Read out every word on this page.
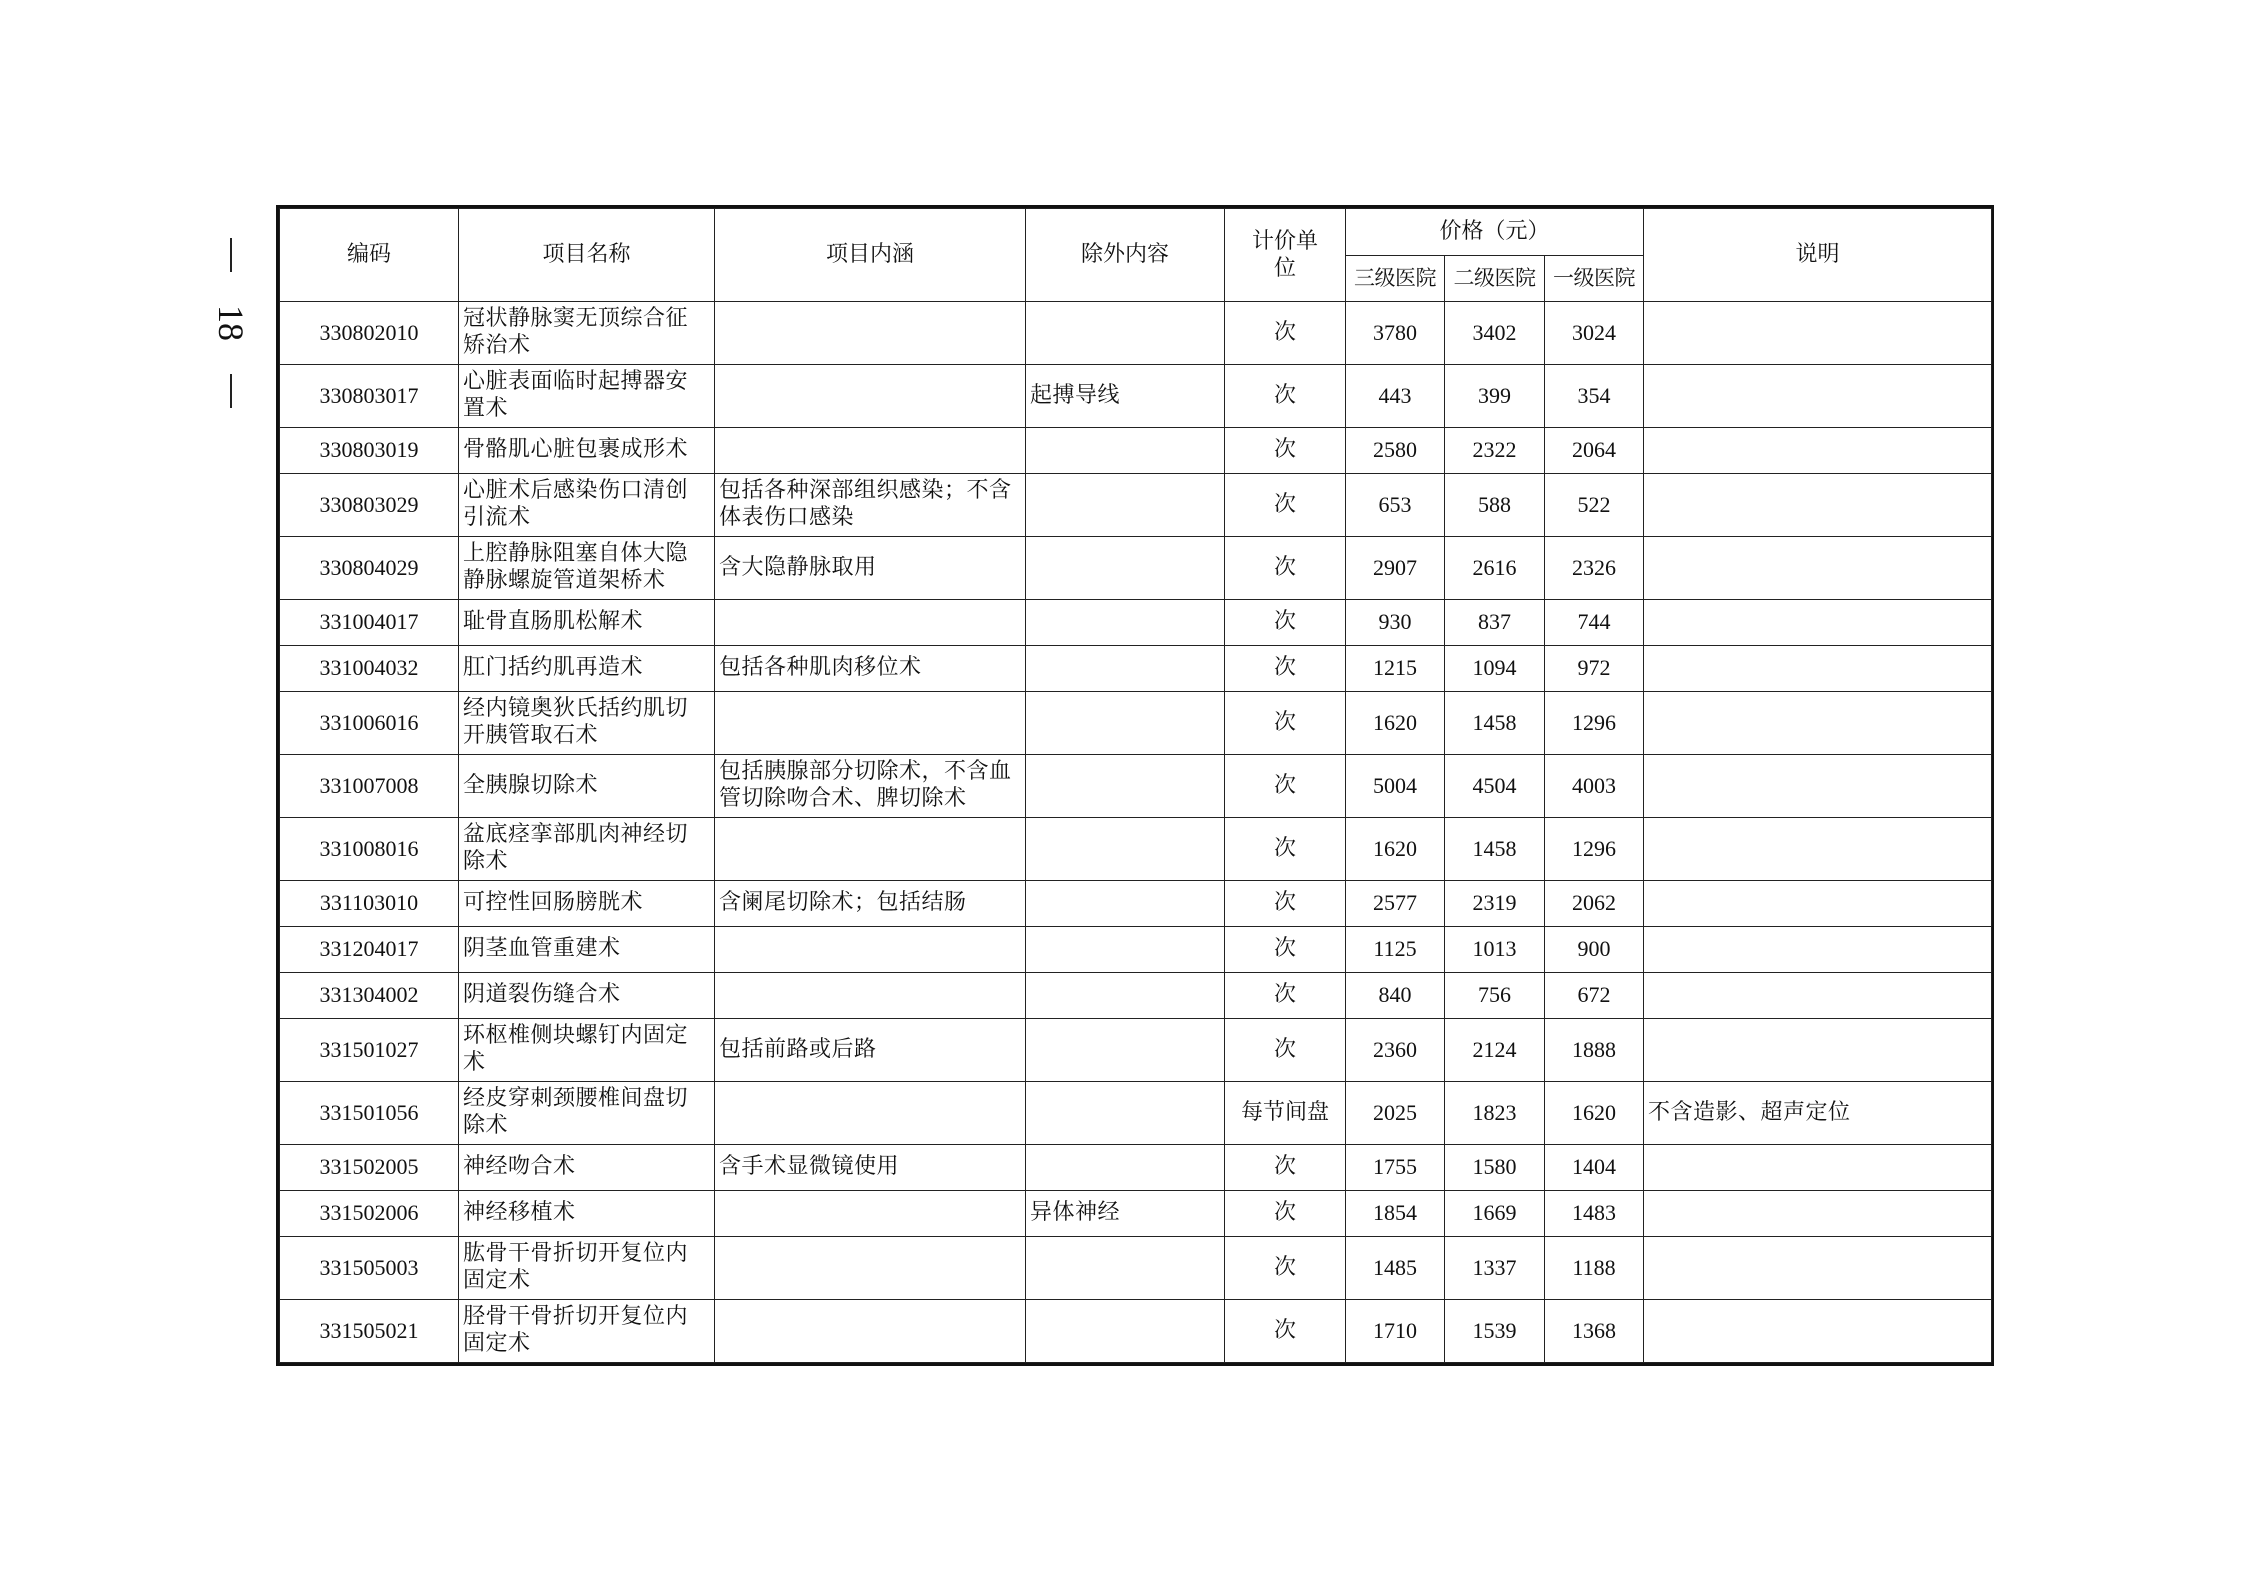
18
编码	项目名称	项目内涵	除外内容	计价单位	价格（元）			说明
					三级医院	二级医院	一级医院	
330802010	冠状静脉窦无顶综合征矫治术			次	3780	3402	3024	
330803017	心脏表面临时起搏器安置术		起搏导线	次	443	399	354	
330803019	骨骼肌心脏包裹成形术			次	2580	2322	2064	
330803029	心脏术后感染伤口清创引流术	包括各种深部组织感染；不含体表伤口感染		次	653	588	522	
330804029	上腔静脉阻塞自体大隐静脉螺旋管道架桥术	含大隐静脉取用		次	2907	2616	2326	
331004017	耻骨直肠肌松解术			次	930	837	744	
331004032	肛门括约肌再造术	包括各种肌肉移位术		次	1215	1094	972	
331006016	经内镜奥狄氏括约肌切开胰管取石术			次	1620	1458	1296	
331007008	全胰腺切除术	包括胰腺部分切除术，不含血管切除吻合术、脾切除术		次	5004	4504	4003	
331008016	盆底痉挛部肌肉神经切除术			次	1620	1458	1296	
331103010	可控性回肠膀胱术	含阑尾切除术；包括结肠		次	2577	2319	2062	
331204017	阴茎血管重建术			次	1125	1013	900	
331304002	阴道裂伤缝合术			次	840	756	672	
331501027	环枢椎侧块螺钉内固定术	包括前路或后路		次	2360	2124	1888	
331501056	经皮穿刺颈腰椎间盘切除术			每节间盘	2025	1823	1620	不含造影、超声定位
331502005	神经吻合术	含手术显微镜使用		次	1755	1580	1404	
331502006	神经移植术		异体神经	次	1854	1669	1483	
331505003	肱骨干骨折切开复位内固定术			次	1485	1337	1188	
331505021	胫骨干骨折切开复位内固定术			次	1710	1539	1368	
